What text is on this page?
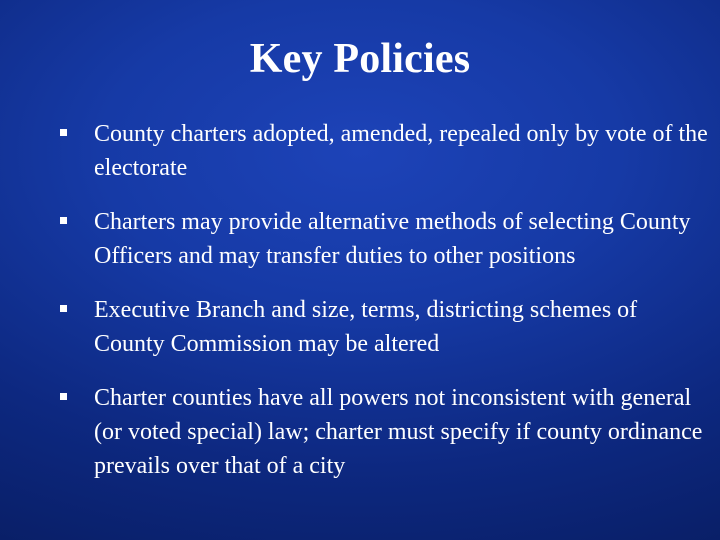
Key Policies
County charters adopted, amended, repealed only by vote of the electorate
Charters may provide alternative methods of selecting County Officers and may transfer duties to other positions
Executive Branch and size, terms, districting schemes of County Commission may be altered
Charter counties have all powers not inconsistent with general (or voted special) law; charter must specify if county ordinance prevails over that of a city
